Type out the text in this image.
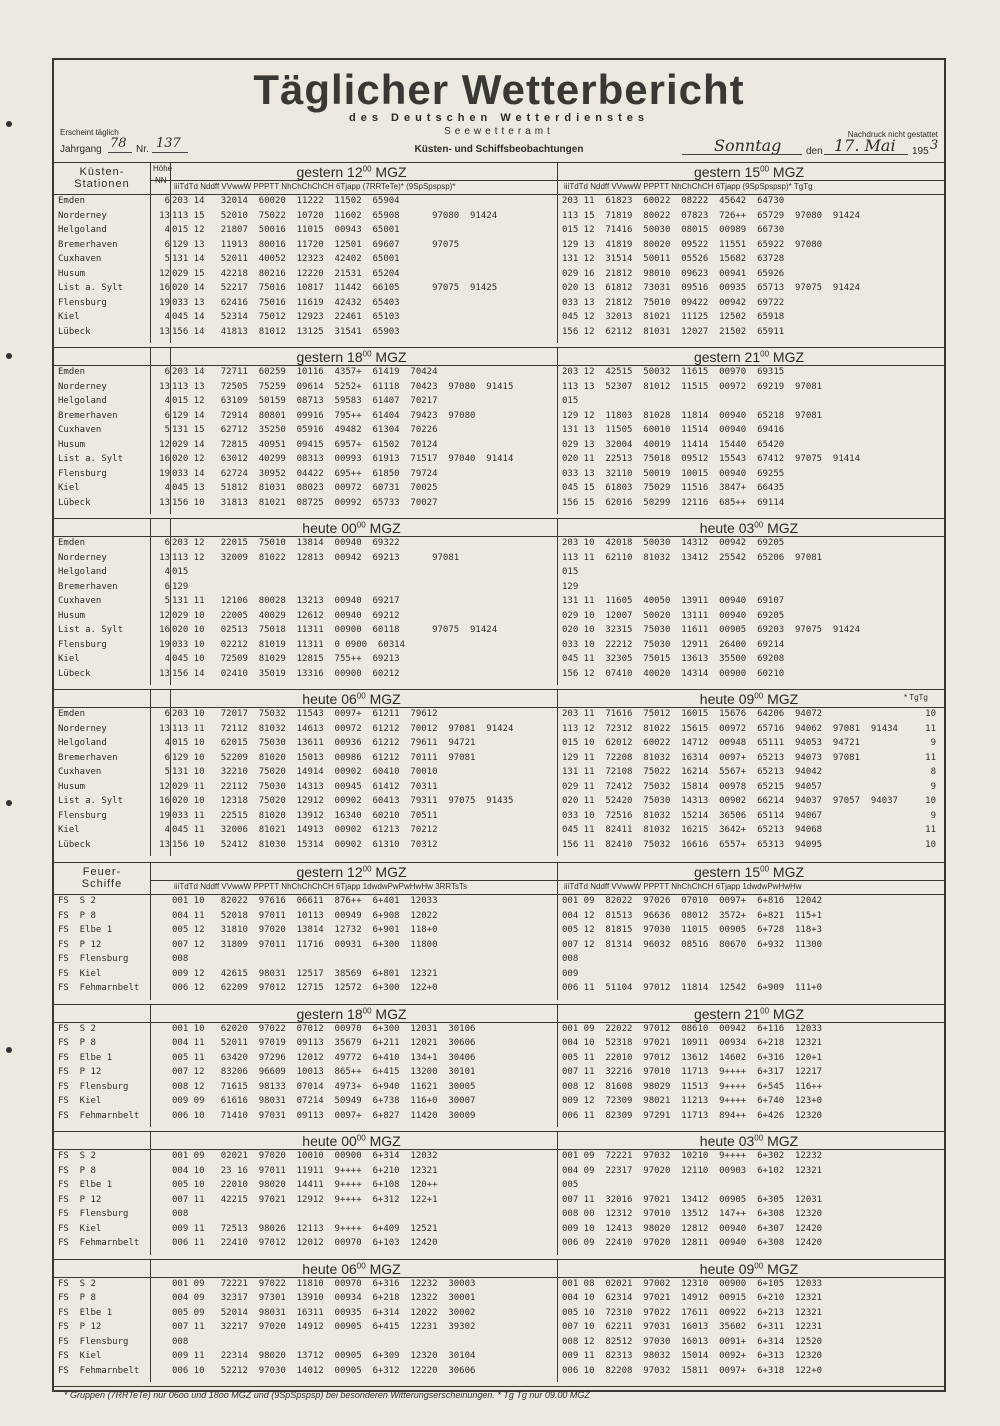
Täglicher Wetterbericht
des Deutschen Wetterdienstes
Seewetteramt
Küsten- und Schiffsbeobachtungen
Erscheint täglich	Nachdruck nicht gestattet
Jahrgang 78 Nr. 137	Sonntag den 17. Mai 195 3
* Gruppen (7RRTeTe) nur 06oo und 18oo MGZ und (9SpSpspsp) bei besonderen Witterungserscheinungen. * Tg Tg nur 09.00 MGZ
gestern $12^{00}$ MGZ	gestern $15^{00}$ MGZ
iiiTdTd Nddff VVwwW PPPTT NhChChChCH 6Tjapp (7RRTeTe)* (9SpSpspsp)*	iiiTdTd Nddff VVwwW PPPTT NhChChCH 6Tjapp (9SpSpspsp)* TgTg
Küsten-
Stationen
Höhe
NN
Emden	6 203 14   32014  60020  11222  11502  65904	203 11  61823  60022  08222  45642  64730
Norderney	13 113 15   52010  75022  10720  11602  65908      97080  91424	113 15  71819  80022  07823  726++  65729  97080  91424
Helgoland	4 015 12   21807  50016  11015  00943  65001	015 12  71416  50030  08015  00989  66730
Bremerhaven	6 129 13   11913  80016  11720  12501  69607      97075	129 13  41819  80020  09522  11551  65922  97080
Cuxhaven	5 131 14   52011  40052  12323  42402  65001	131 12  31514  50011  05526  15682  63728
Husum	12 029 15   42218  80216  12220  21531  65204	029 16  21812  98010  09623  00941  65926
List a. Sylt	16 020 14   52217  75016  10817  11442  66105      97075  91425	020 13  61812  73031  09516  00935  65713  97075  91424
Flensburg	19 033 13   62416  75016  11619  42432  65403	033 13  21812  75010  09422  00942  69722
Kiel	4 045 14   52314  75012  12923  22461  65103	045 12  32013  81021  11125  12502  65918
Lübeck	13 156 14   41813  81012  13125  31541  65903	156 12  62112  81031  12027  21502  65911
gestern $18^{00}$ MGZ	gestern $21^{00}$ MGZ
Emden	6 203 14   72711  60259  10116  4357+  61419  70424	203 12  42515  50032  11615  00970  69315
Norderney	13 113 13   72505  75259  09614  5252+  61118  70423  97080  91415	113 13  52307  81012  11515  00972  69219  97081
Helgoland	4 015 12   63109  50159  08713  59583  61407  70217	015
Bremerhaven	6 129 14   72914  80801  09916  795++  61404  79423  97080	129 12  11803  81028  11814  00940  65218  97081
Cuxhaven	5 131 15   62712  35250  05916  49482  61304  70226	131 13  11505  60010  11514  00940  69416
Husum	12 029 14   72815  40951  09415  6957+  61502  70124	029 13  32004  40019  11414  15440  65420
List a. Sylt	16 020 12   63012  40299  08313  00993  61913  71517  97040  91414	020 11  22513  75018  09512  15543  67412  97075  91414
Flensburg	19 033 14   62724  30952  04422  695++  61850  79724	033 13  32110  50019  10015  00940  69255
Kiel	4 045 13   51812  81031  08023  00972  60731  70025	045 15  61803  75029  11516  3847+  66435
Lübeck	13 156 10   31813  81021  08725  00992  65733  70027	156 15  62016  50299  12116  685++  69114
heute $00^{00}$ MGZ	heute $03^{00}$ MGZ
Emden	6 203 12   22015  75010  13814  00940  69322	203 10  42018  50030  14312  00942  69205
Norderney	13 113 12   32009  81022  12813  00942  69213      97081	113 11  62110  81032  13412  25542  65206  97081
Helgoland	4 015	015
Bremerhaven	6 129	129
Cuxhaven	5 131 11   12106  80028  13213  00940  69217	131 11  11605  40050  13911  00940  69107
Husum	12 029 10   22005  40029  12612  00940  69212	029 10  12007  50020  13111  00940  69205
List a. Sylt	16 020 10   02513  75018  11311  00900  60118      97075  91424	020 10  32315  75030  11611  00905  69203  97075  91424
Flensburg	19 033 10   02212  81019  11311  0 0900  60314	033 10  22212  75030  12911  26400  69214
Kiel	4 045 10   72509  81029  12815  755++  69213	045 11  32305  75015  13613  35500  69208
Lübeck	13 156 14   02410  35019  13316  00900  60212	156 12  07410  40020  14314  00900  60210
heute $06^{00}$ MGZ	heute $09^{00}$ MGZ	* TgTg
Emden	6 203 10   72017  75032  11543  0097+  61211  79612	203 11  71616  75012  16015  15676  64206  94072	10
Norderney	13 113 11   72112  81032  14613  00972  61212  70012  97081  91424	113 12  72312  81022  15615  00972  65716  94062  97081  91434	11
Helgoland	4 015 10   62015  75030  13611  00936  61212  79611  94721	015 10  62012  60022  14712  00948  65111  94053  94721	9
Bremerhaven	6 129 10   52209  81020  15013  00986  61212  70111  97081	129 11  72208  81032  16314  0097+  65213  94073  97081	11
Cuxhaven	5 131 10   32210  75020  14914  00902  60410  70010	131 11  72108  75022  16214  5567+  65213  94042	8
Husum	12 029 11   22112  75030  14313  00945  61412  70311	029 11  72412  75032  15814  00978  65215  94057	9
List a. Sylt	16 020 10   12318  75020  12912  00902  60413  79311  97075  91435	020 11  52420  75030  14313  00902  66214  94037  97057  94037	10
Flensburg	19 033 11   22515  81020  13912  16340  60210  70511	033 10  72516  81032  15214  36506  65114  94067	9
Kiel	4 045 11   32006  81021  14913  00902  61213  70212	045 11  82411  81032  16215  3642+  65213  94068	11
Lübeck	13 156 10   52412  81030  15314  00902  61310  70312	156 11  82410  75032  16616  6557+  65313  94095	10
gestern $12^{00}$ MGZ	gestern $15^{00}$ MGZ
iiiTdTd Nddff VVwwW PPPTT NhChChChCH 6Tjapp 1dwdwPwPwHwHw 3RRTsTs	iiiTdTd Nddff VVwwW PPPTT NhChChCH 6Tjapp 1dwdwPwHwHw
Feuer-
Schiffe
FS  S 2	001 10   82022  97616  06611  876++  6+401  12033	001 09  82022  97026  07010  0097+  6+816  12042
FS  P 8	004 11   52018  97011  10113  00949  6+908  12022	004 12  81513  96636  08012  3572+  6+821  115+1
FS  Elbe 1	005 12   31810  97020  13814  12732  6+901  118+0	005 12  81815  97030  11015  00905  6+728  118+3
FS  P 12	007 12   31809  97011  11716  00931  6+300  11800	007 12  81314  96032  08516  80670  6+932  11300
FS  Flensburg	008	008
FS  Kiel	009 12   42615  98031  12517  38569  6+801  12321	009
FS  Fehmarnbelt	006 12   62209  97012  12715  12572  6+300  122+0	006 11  51104  97012  11814  12542  6+909  111+0
gestern $18^{00}$ MGZ	gestern $21^{00}$ MGZ
FS  S 2	001 10   62020  97022  07012  00970  6+300  12031  30106	001 09  22022  97012  08610  00942  6+116  12033
FS  P 8	004 11   52011  97019  09113  35679  6+211  12021  30606	004 10  52318  97021  10911  00934  6+218  12321
FS  Elbe 1	005 11   63420  97296  12012  49772  6+410  134+1  30406	005 11  22010  97012  13612  14602  6+316  120+1
FS  P 12	007 12   83206  96609  10013  865++  6+415  13200  30101	007 11  32216  97010  11713  9++++  6+317  12217
FS  Flensburg	008 12   71615  98133  07014  4973+  6+940  11621  30005	008 12  81608  98029  11513  9++++  6+545  116++
FS  Kiel	009 09   61616  98031  07214  50949  6+738  116+0  30007	009 12  72309  98021  11213  9++++  6+740  123+0
FS  Fehmarnbelt	006 10   71410  97031  09113  0097+  6+827  11420  30009	006 11  82309  97291  11713  894++  6+426  12320
heute $00^{00}$ MGZ	heute $03^{00}$ MGZ
FS  S 2	001 09   02021  97020  10010  00900  6+314  12032	001 09  72221  97032  10210  9++++  6+302  12232
FS  P 8	004 10   23 16  97011  11911  9++++  6+210  12321	004 09  22317  97020  12110  00903  6+102  12321
FS  Elbe 1	005 10   22010  98020  14411  9++++  6+108  120++	005
FS  P 12	007 11   42215  97021  12912  9++++  6+312  122+1	007 11  32016  97021  13412  00905  6+305  12031
FS  Flensburg	008	008 00  12312  97010  13512  147++  6+308  12320
FS  Kiel	009 11   72513  98026  12113  9++++  6+409  12521	009 10  12413  98020  12812  00940  6+307  12420
FS  Fehmarnbelt	006 11   22410  97012  12012  00970  6+103  12420	006 09  22410  97020  12811  00940  6+308  12420
heute $06^{00}$ MGZ	heute $09^{00}$ MGZ
FS  S 2	001 09   72221  97022  11810  00970  6+316  12232  30003	001 08  02021  97002  12310  00900  6+105  12033
FS  P 8	004 09   32317  97301  13910  00934  6+218  12322  30001	004 10  62314  97021  14912  00915  6+210  12321
FS  Elbe 1	005 09   52014  98031  16311  00935  6+314  12022  30002	005 10  72310  97022  17611  00922  6+213  12321
FS  P 12	007 11   32217  97020  14912  00905  6+415  12231  39302	007 10  62211  97031  16013  35602  6+311  12231
FS  Flensburg	008	008 12  82512  97030  16013  0091+  6+314  12520
FS  Kiel	009 11   22314  98020  13712  00905  6+309  12320  30104	009 11  82313  98032  15014  0092+  6+313  12320
FS  Fehmarnbelt	006 10   52212  97030  14012  00905  6+312  12220  30606	006 10  82208  97032  15811  0097+  6+318  122+0
